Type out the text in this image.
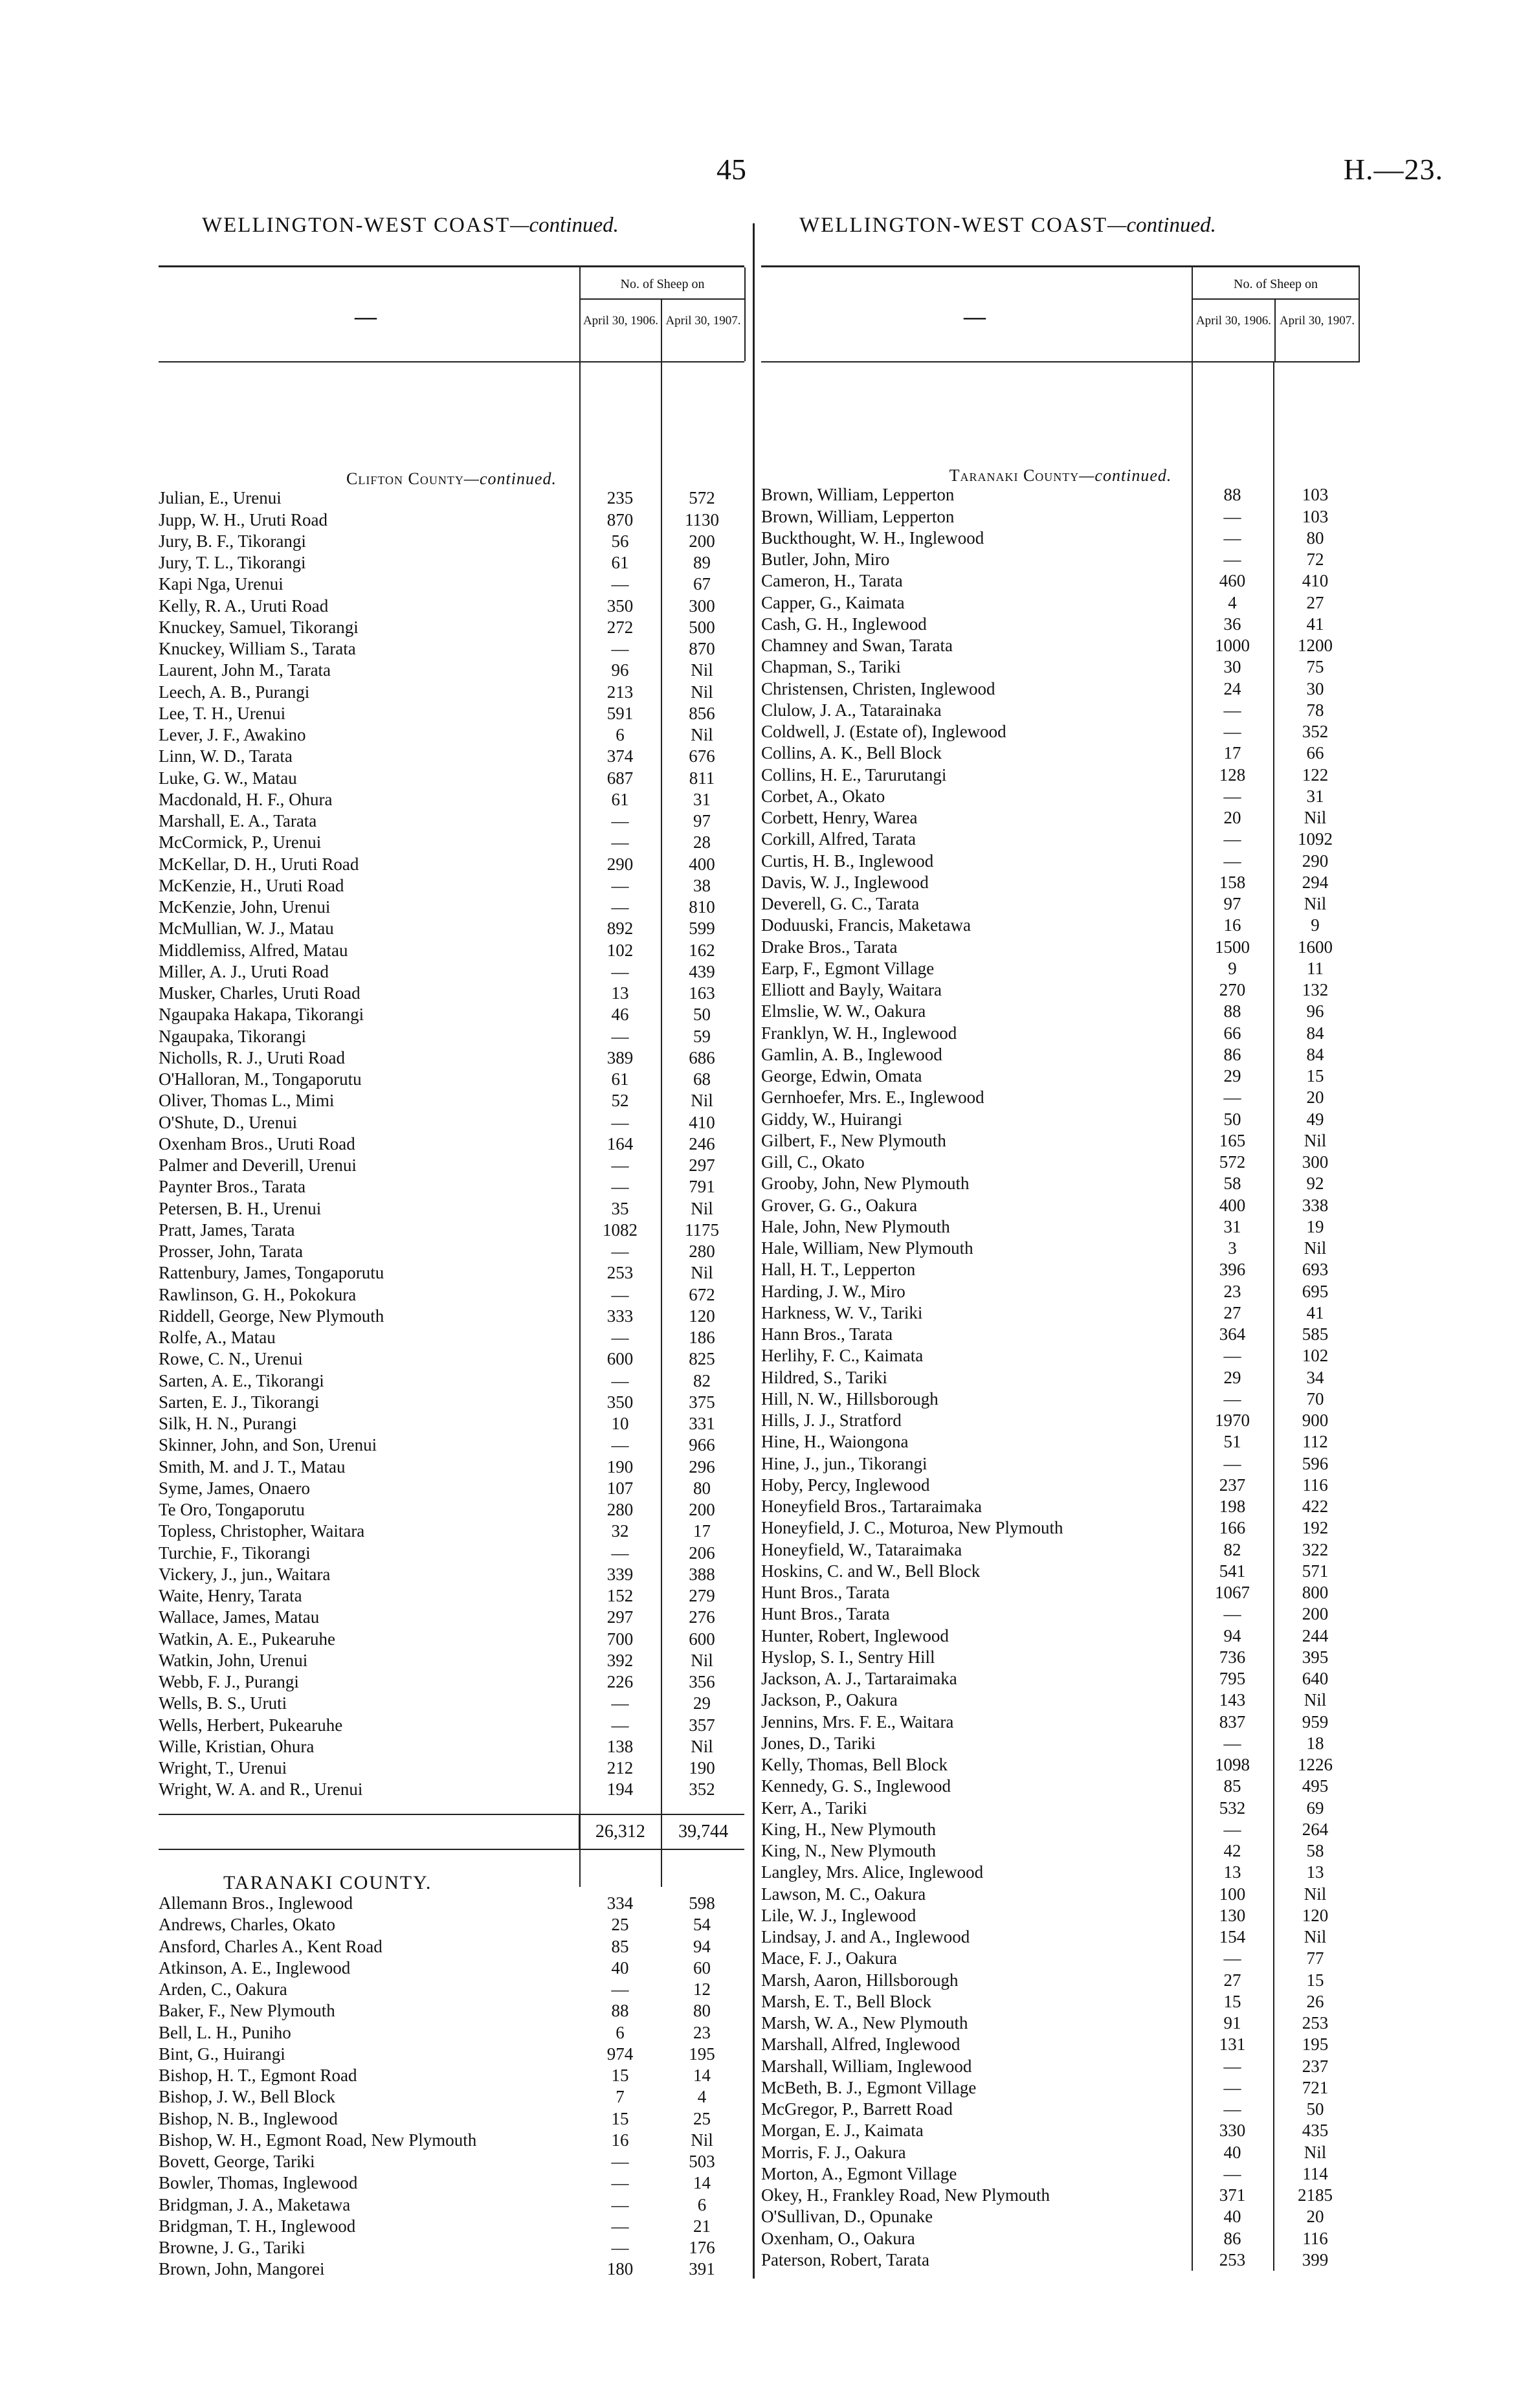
45	H.—23.
WELLINGTON-WEST COAST—continued.	WELLINGTON-WEST COAST—continued.
—
No. of Sheep on
April 30, 1906. April 30, 1907.
Clifton County—continued.
Julian, E., Urenui	235	572
Jupp, W. H., Uruti Road	870	1130
Jury, B. F., Tikorangi	56	200
Jury, T. L., Tikorangi	61	89
Kapi Nga, Urenui	—	67
Kelly, R. A., Uruti Road	350	300
Knuckey, Samuel, Tikorangi	272	500
Knuckey, William S., Tarata	—	870
Laurent, John M., Tarata	96	Nil
Leech, A. B., Purangi	213	Nil
Lee, T. H., Urenui	591	856
Lever, J. F., Awakino	6	Nil
Linn, W. D., Tarata	374	676
Luke, G. W., Matau	687	811
Macdonald, H. F., Ohura	61	31
Marshall, E. A., Tarata	—	97
McCormick, P., Urenui	—	28
McKellar, D. H., Uruti Road	290	400
McKenzie, H., Uruti Road	—	38
McKenzie, John, Urenui	—	810
McMullian, W. J., Matau	892	599
Middlemiss, Alfred, Matau	102	162
Miller, A. J., Uruti Road	—	439
Musker, Charles, Uruti Road	13	163
Ngaupaka Hakapa, Tikorangi	46	50
Ngaupaka, Tikorangi	—	59
Nicholls, R. J., Uruti Road	389	686
O'Halloran, M., Tongaporutu	61	68
Oliver, Thomas L., Mimi	52	Nil
O'Shute, D., Urenui	—	410
Oxenham Bros., Uruti Road	164	246
Palmer and Deverill, Urenui	—	297
Paynter Bros., Tarata	—	791
Petersen, B. H., Urenui	35	Nil
Pratt, James, Tarata	1082	1175
Prosser, John, Tarata	—	280
Rattenbury, James, Tongaporutu	253	Nil
Rawlinson, G. H., Pokokura	—	672
Riddell, George, New Plymouth	333	120
Rolfe, A., Matau	—	186
Rowe, C. N., Urenui	600	825
Sarten, A. E., Tikorangi	—	82
Sarten, E. J., Tikorangi	350	375
Silk, H. N., Purangi	10	331
Skinner, John, and Son, Urenui	—	966
Smith, M. and J. T., Matau	190	296
Syme, James, Onaero	107	80
Te Oro, Tongaporutu	280	200
Topless, Christopher, Waitara	32	17
Turchie, F., Tikorangi	—	206
Vickery, J., jun., Waitara	339	388
Waite, Henry, Tarata	152	279
Wallace, James, Matau	297	276
Watkin, A. E., Pukearuhe	700	600
Watkin, John, Urenui	392	Nil
Webb, F. J., Purangi	226	356
Wells, B. S., Uruti	—	29
Wells, Herbert, Pukearuhe	—	357
Wille, Kristian, Ohura	138	Nil
Wright, T., Urenui	212	190
Wright, W. A. and R., Urenui	194	352
26,312	39,744
TARANAKI COUNTY.
Allemann Bros., Inglewood	334	598
Andrews, Charles, Okato	25	54
Ansford, Charles A., Kent Road	85	94
Atkinson, A. E., Inglewood	40	60
Arden, C., Oakura	—	12
Baker, F., New Plymouth	88	80
Bell, L. H., Puniho	6	23
Bint, G., Huirangi	974	195
Bishop, H. T., Egmont Road	15	14
Bishop, J. W., Bell Block	7	4
Bishop, N. B., Inglewood	15	25
Bishop, W. H., Egmont Road, New Plymouth	16	Nil
Bovett, George, Tariki	—	503
Bowler, Thomas, Inglewood	—	14
Bridgman, J. A., Maketawa	—	6
Bridgman, T. H., Inglewood	—	21
Browne, J. G., Tariki	—	176
Brown, John, Mangorei	180	391
—
No. of Sheep on
April 30, 1906. April 30, 1907.
Taranaki County—continued.
Brown, William, Lepperton	88	103
Brown, William, Lepperton	—	103
Buckthought, W. H., Inglewood	—	80
Butler, John, Miro	—	72
Cameron, H., Tarata	460	410
Capper, G., Kaimata	4	27
Cash, G. H., Inglewood	36	41
Chamney and Swan, Tarata	1000	1200
Chapman, S., Tariki	30	75
Christensen, Christen, Inglewood	24	30
Clulow, J. A., Tatarainaka	—	78
Coldwell, J. (Estate of), Inglewood	—	352
Collins, A. K., Bell Block	17	66
Collins, H. E., Tarurutangi	128	122
Corbet, A., Okato	—	31
Corbett, Henry, Warea	20	Nil
Corkill, Alfred, Tarata	—	1092
Curtis, H. B., Inglewood	—	290
Davis, W. J., Inglewood	158	294
Deverell, G. C., Tarata	97	Nil
Doduuski, Francis, Maketawa	16	9
Drake Bros., Tarata	1500	1600
Earp, F., Egmont Village	9	11
Elliott and Bayly, Waitara	270	132
Elmslie, W. W., Oakura	88	96
Franklyn, W. H., Inglewood	66	84
Gamlin, A. B., Inglewood	86	84
George, Edwin, Omata	29	15
Gernhoefer, Mrs. E., Inglewood	—	20
Giddy, W., Huirangi	50	49
Gilbert, F., New Plymouth	165	Nil
Gill, C., Okato	572	300
Grooby, John, New Plymouth	58	92
Grover, G. G., Oakura	400	338
Hale, John, New Plymouth	31	19
Hale, William, New Plymouth	3	Nil
Hall, H. T., Lepperton	396	693
Harding, J. W., Miro	23	695
Harkness, W. V., Tariki	27	41
Hann Bros., Tarata	364	585
Herlihy, F. C., Kaimata	—	102
Hildred, S., Tariki	29	34
Hill, N. W., Hillsborough	—	70
Hills, J. J., Stratford	1970	900
Hine, H., Waiongona	51	112
Hine, J., jun., Tikorangi	—	596
Hoby, Percy, Inglewood	237	116
Honeyfield Bros., Tartaraimaka	198	422
Honeyfield, J. C., Moturoa, New Plymouth	166	192
Honeyfield, W., Tataraimaka	82	322
Hoskins, C. and W., Bell Block	541	571
Hunt Bros., Tarata	1067	800
Hunt Bros., Tarata	—	200
Hunter, Robert, Inglewood	94	244
Hyslop, S. I., Sentry Hill	736	395
Jackson, A. J., Tartaraimaka	795	640
Jackson, P., Oakura	143	Nil
Jennins, Mrs. F. E., Waitara	837	959
Jones, D., Tariki	—	18
Kelly, Thomas, Bell Block	1098	1226
Kennedy, G. S., Inglewood	85	495
Kerr, A., Tariki	532	69
King, H., New Plymouth	—	264
King, N., New Plymouth	42	58
Langley, Mrs. Alice, Inglewood	13	13
Lawson, M. C., Oakura	100	Nil
Lile, W. J., Inglewood	130	120
Lindsay, J. and A., Inglewood	154	Nil
Mace, F. J., Oakura	—	77
Marsh, Aaron, Hillsborough	27	15
Marsh, E. T., Bell Block	15	26
Marsh, W. A., New Plymouth	91	253
Marshall, Alfred, Inglewood	131	195
Marshall, William, Inglewood	—	237
McBeth, B. J., Egmont Village	—	721
McGregor, P., Barrett Road	—	50
Morgan, E. J., Kaimata	330	435
Morris, F. J., Oakura	40	Nil
Morton, A., Egmont Village	—	114
Okey, H., Frankley Road, New Plymouth	371	2185
O'Sullivan, D., Opunake	40	20
Oxenham, O., Oakura	86	116
Paterson, Robert, Tarata	253	399
